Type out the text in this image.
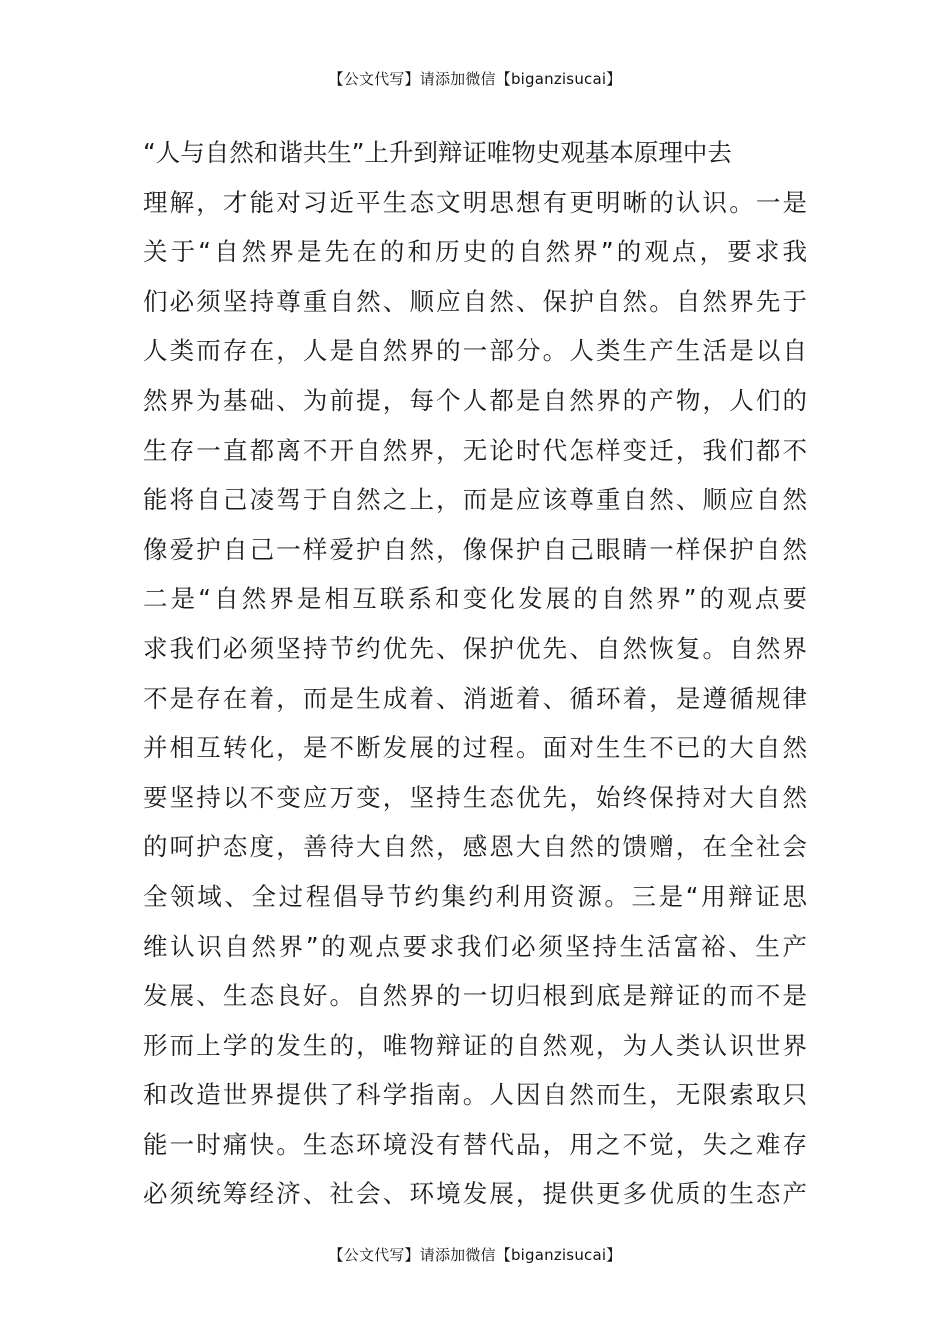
【公文代写】请添加微信【biganzisucai】
“人与自然和谐共生”上升到辩证唯物史观基本原理中去
理解，才能对习近平生态文明思想有更明晰的认识。一是
关于“自然界是先在的和历史的自然界”的观点，要求我
们必须坚持尊重自然、顺应自然、保护自然。自然界先于
人类而存在，人是自然界的一部分。人类生产生活是以自
然界为基础、为前提，每个人都是自然界的产物，人们的
生存一直都离不开自然界，无论时代怎样变迁，我们都不
能将自己凌驾于自然之上，而是应该尊重自然、顺应自然
像爱护自己一样爱护自然，像保护自己眼睛一样保护自然
二是“自然界是相互联系和变化发展的自然界”的观点要
求我们必须坚持节约优先、保护优先、自然恢复。自然界
不是存在着，而是生成着、消逝着、循环着，是遵循规律
并相互转化，是不断发展的过程。面对生生不已的大自然
要坚持以不变应万变，坚持生态优先，始终保持对大自然
的呵护态度，善待大自然，感恩大自然的馈赠，在全社会
全领域、全过程倡导节约集约利用资源。三是“用辩证思
维认识自然界”的观点要求我们必须坚持生活富裕、生产
发展、生态良好。自然界的一切归根到底是辩证的而不是
形而上学的发生的，唯物辩证的自然观，为人类认识世界
和改造世界提供了科学指南。人因自然而生，无限索取只
能一时痛快。生态环境没有替代品，用之不觉，失之难存
必须统筹经济、社会、环境发展，提供更多优质的生态产
【公文代写】请添加微信【biganzisucai】
